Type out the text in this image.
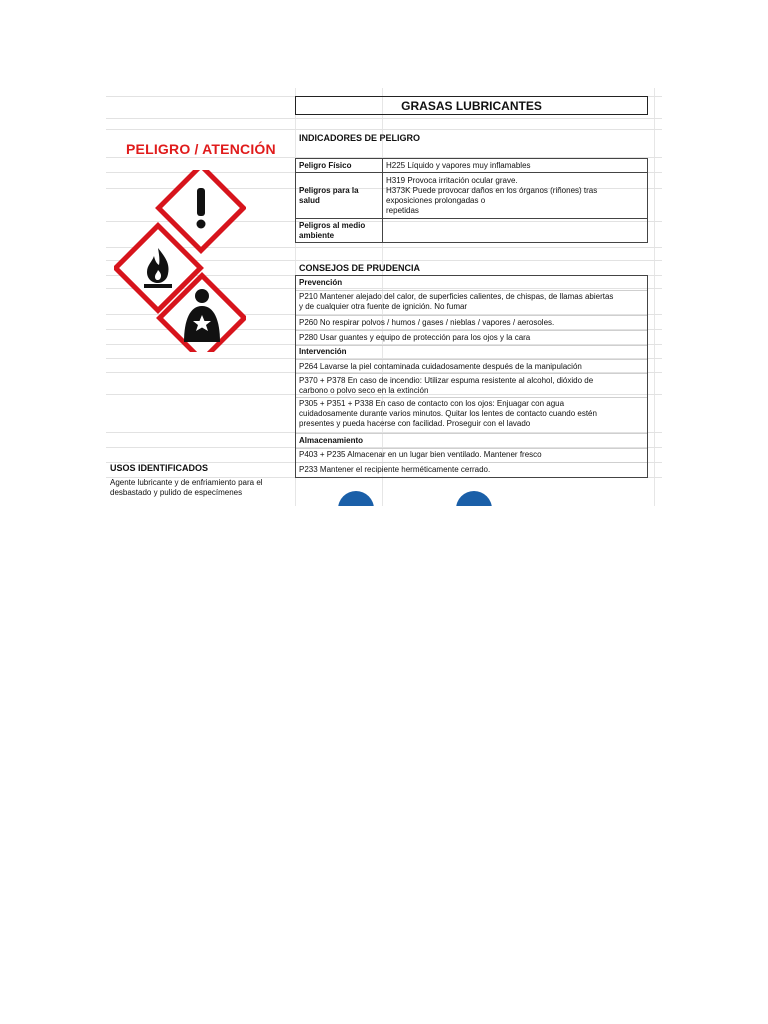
PELIGRO / ATENCIÓN
USOS IDENTIFICADOS
Agente lubricante y de enfriamiento para el desbastado y pulido de especímenes
GRASAS LUBRICANTES
INDICADORES DE PELIGRO
Peligro Físico	H225 Líquido y vapores muy inflamables

Peligros para la salud	H319 Provoca irritación ocular grave.
H373K Puede provocar daños en los órganos (riñones) tras
exposiciones prolongadas o
repetidas

Peligros al medio ambiente	
CONSEJOS DE PRUDENCIA
Prevención
P210 Mantener alejado del calor, de superficies calientes, de chispas, de llamas abiertas
y de cualquier otra fuente de ignición. No fumar
P260 No respirar polvos / humos / gases / nieblas / vapores / aerosoles.
P280 Usar guantes y equipo de protección para los ojos y la cara
Intervención
P264 Lavarse la piel contaminada cuidadosamente después de la manipulación
P370 + P378 En caso de incendio: Utilizar espuma resistente al alcohol, dióxido de
carbono o polvo seco en la extinción
P305 + P351 + P338 En caso de contacto con los ojos: Enjuagar con agua
cuidadosamente durante varios minutos. Quitar los lentes de contacto cuando estén
presentes y pueda hacerse con facilidad. Proseguir con el lavado
Almacenamiento
P403 + P235 Almacenar en un lugar bien ventilado. Mantener fresco
P233 Mantener el recipiente herméticamente cerrado.
